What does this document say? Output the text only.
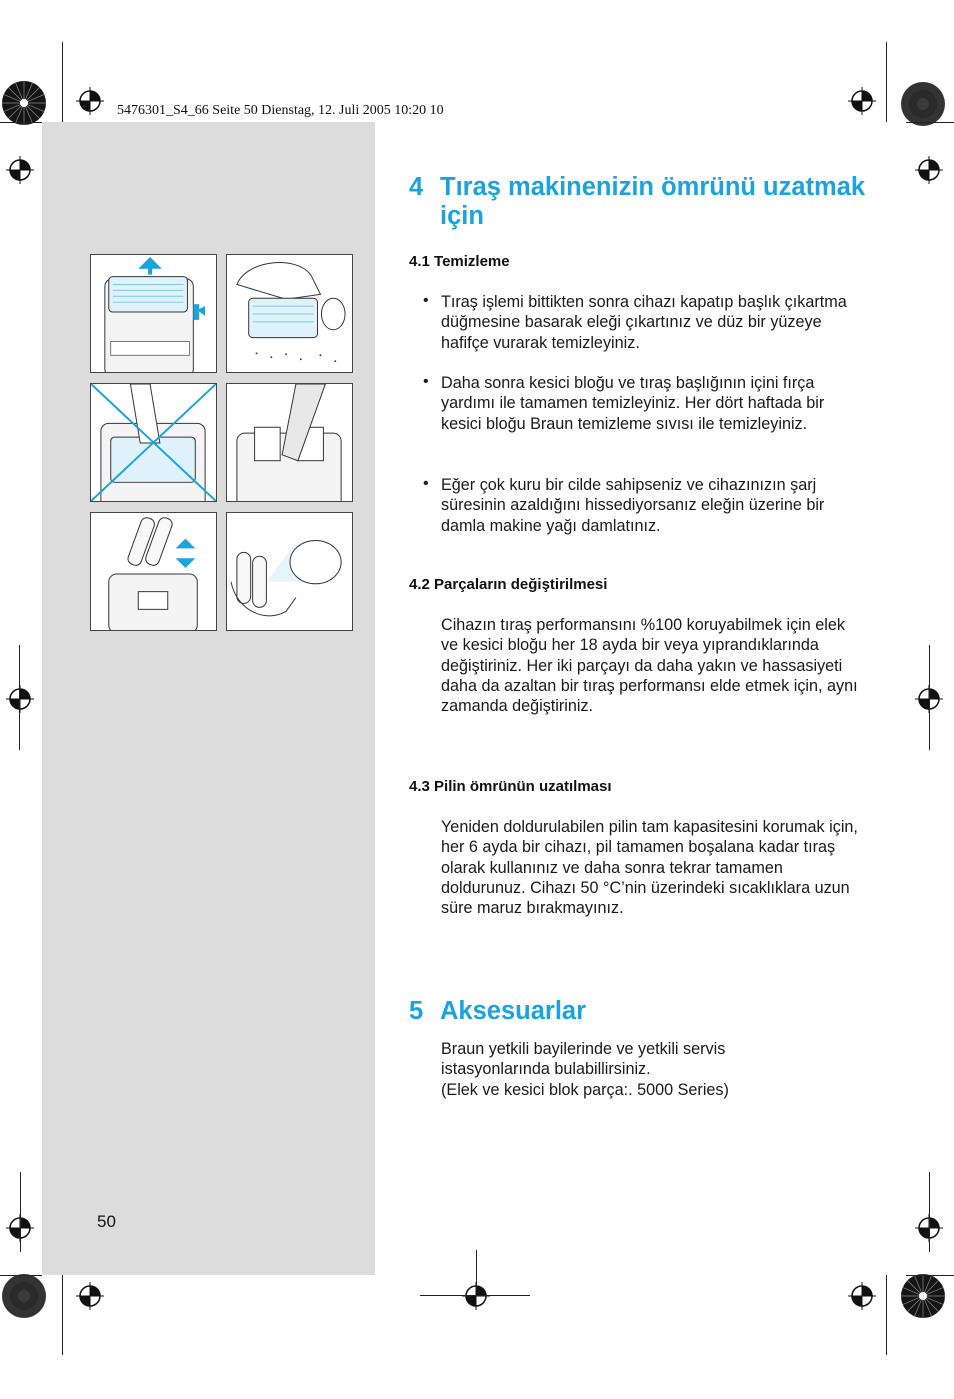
5476301_S4_66 Seite 50 Dienstag, 12. Juli 2005 10:20 10
4 Tıraş makinenizin ömrünü uzatmak için
4.1 Temizleme
• Tıraş işlemi bittikten sonra cihazı kapatıp başlık çıkartma düğmesine basarak eleği çıkartınız ve düz bir yüzeye hafifçe vurarak temizleyiniz.

• Daha sonra kesici bloğu ve tıraş başlığının içini fırça yardımı ile tamamen temizleyiniz. Her dört haftada bir kesici bloğu Braun temizleme sıvısı ile temizleyiniz.

• Eğer çok kuru bir cilde sahipseniz ve cihazınızın şarj süresinin azaldığını hissediyorsanız eleğin üzerine bir damla makine yağı damlatınız.

4.2 Parçaların değiştirilmesi

Cihazın tıraş performansını %100 koruyabilmek için elek ve kesici bloğu her 18 ayda bir veya yıprandıklarında değiştiriniz. Her iki parçayı da daha yakın ve hassasiyeti daha da azaltan bir tıraş performansı elde etmek için, aynı zamanda değiştiriniz.

4.3 Pilin ömrünün uzatılması

Yeniden doldurulabilen pilin tam kapasitesini korumak için, her 6 ayda bir cihazı, pil tamamen boşalana kadar tıraş olarak kullanınız ve daha sonra tekrar tamamen doldurunuz. Cihazı 50 °C’nin üzerindeki sıcaklıklara uzun süre maruz bırakmayınız.

5 Aksesuarlar

Braun yetkili bayilerinde ve yetkili servis

istasyonlarında bulabillirsiniz.

(Elek ve kesici blok parça:. 5000 Series)

50
